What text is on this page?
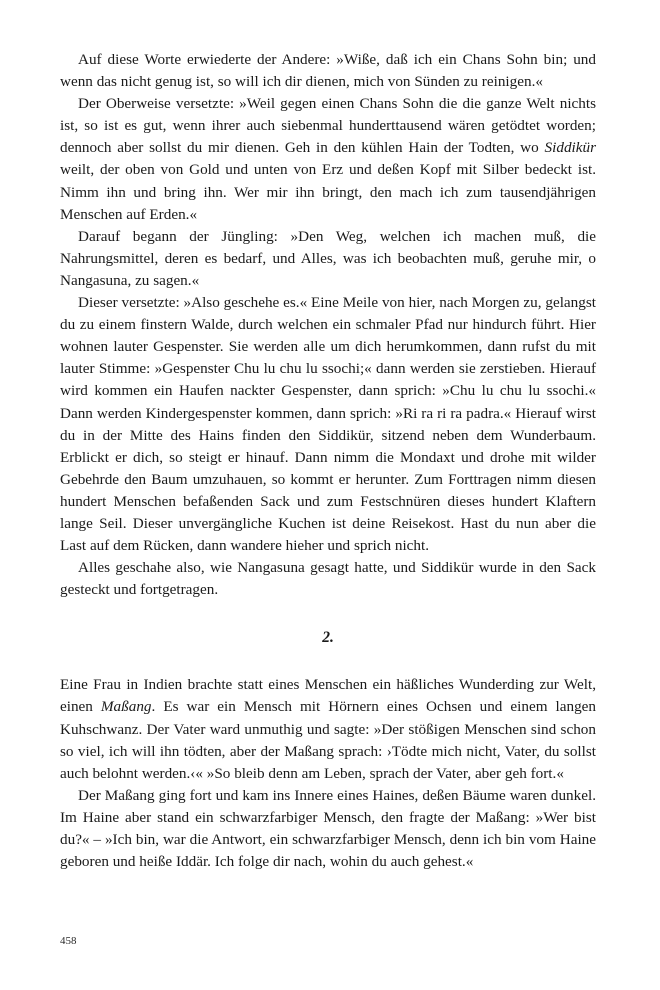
Auf diese Worte erwiederte der Andere: »Wiße, daß ich ein Chans Sohn bin; und wenn das nicht genug ist, so will ich dir dienen, mich von Sünden zu reinigen.«

Der Oberweise versetzte: »Weil gegen einen Chans Sohn die die ganze Welt nichts ist, so ist es gut, wenn ihrer auch siebenmal hunderttausend wären getödtet worden; dennoch aber sollst du mir dienen. Geh in den kühlen Hain der Todten, wo Siddikür weilt, der oben von Gold und unten von Erz und deßen Kopf mit Silber bedeckt ist. Nimm ihn und bring ihn. Wer mir ihn bringt, den mach ich zum tausendjährigen Menschen auf Erden.«

Darauf begann der Jüngling: »Den Weg, welchen ich machen muß, die Nahrungsmittel, deren es bedarf, und Alles, was ich beobachten muß, geruhe mir, o Nangasuna, zu sagen.«

Dieser versetzte: »Also geschehe es.« Eine Meile von hier, nach Morgen zu, gelangst du zu einem finstern Walde, durch welchen ein schmaler Pfad nur hindurch führt. Hier wohnen lauter Gespenster. Sie werden alle um dich herumkommen, dann rufst du mit lauter Stimme: »Gespenster Chu lu chu lu ssochi;« dann werden sie zerstieben. Hierauf wird kommen ein Haufen nackter Gespenster, dann sprich: »Chu lu chu lu ssochi.« Dann werden Kindergespenster kommen, dann sprich: »Ri ra ri ra padra.« Hierauf wirst du in der Mitte des Hains finden den Siddikür, sitzend neben dem Wunderbaum. Erblickt er dich, so steigt er hinauf. Dann nimm die Mondaxt und drohe mit wilder Gebehrde den Baum umzuhauen, so kommt er herunter. Zum Forttragen nimm diesen hundert Menschen befaßenden Sack und zum Festschnüren dieses hundert Klaftern lange Seil. Dieser unvergängliche Kuchen ist deine Reisekost. Hast du nun aber die Last auf dem Rücken, dann wandere hieher und sprich nicht.

Alles geschahe also, wie Nangasuna gesagt hatte, und Siddikür wurde in den Sack gesteckt und fortgetragen.

2.

Eine Frau in Indien brachte statt eines Menschen ein häßliches Wunderding zur Welt, einen Maßang. Es war ein Mensch mit Hörnern eines Ochsen und einem langen Kuhschwanz. Der Vater ward unmuthig und sagte: »Der stößigen Menschen sind schon so viel, ich will ihn tödten, aber der Maßang sprach: ›Tödte mich nicht, Vater, du sollst auch belohnt werden.‹« »So bleib denn am Leben, sprach der Vater, aber geh fort.«

Der Maßang ging fort und kam ins Innere eines Haines, deßen Bäume waren dunkel. Im Haine aber stand ein schwarzfarbiger Mensch, den fragte der Maßang: »Wer bist du?« – »Ich bin, war die Antwort, ein schwarzfarbiger Mensch, denn ich bin vom Haine geboren und heiße Iddär. Ich folge dir nach, wohin du auch gehest.«

458
